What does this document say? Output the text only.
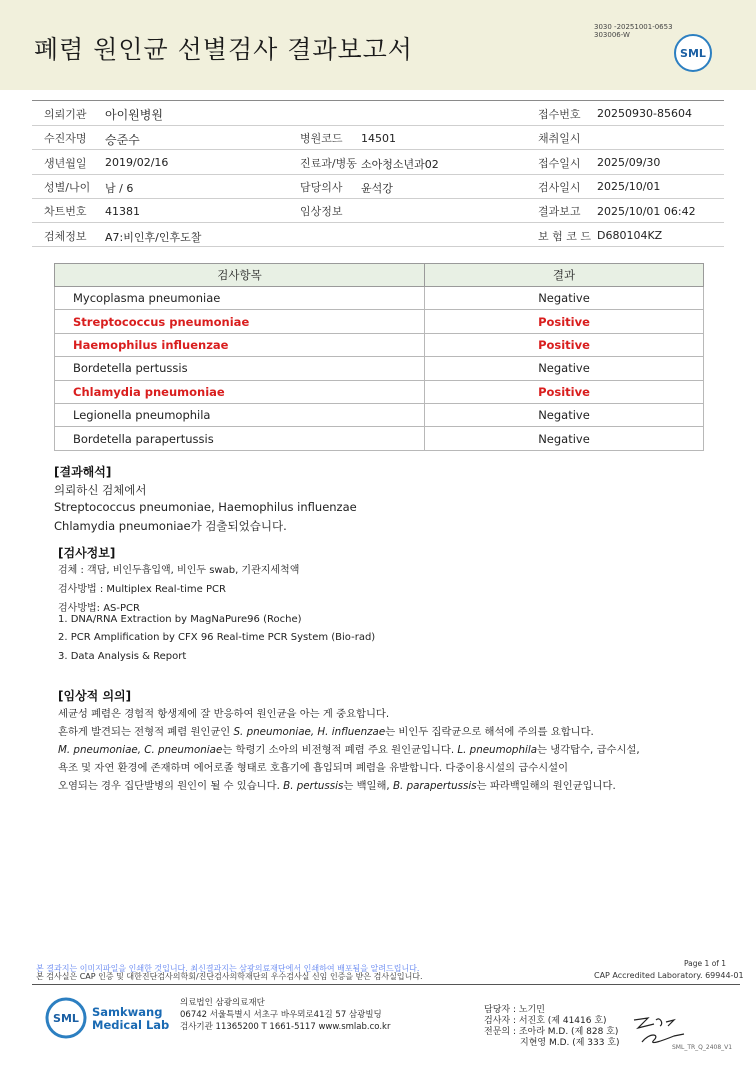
폐렴 원인균 선별검사 결과보고서
3030 -20251001-0653
303006-W
SML
의뢰기관 아이원병원	접수번호 20250930-85604
수진자명 승준수	병원코드 14501	채취일시
생년월일 2019/02/16	진료과/병동 소아청소년과02	접수일시 2025/09/30
성별/나이 남 / 6	담당의사 윤석강	검사일시 2025/10/01
차트번호 41381	임상정보	결과보고 2025/10/01 06:42
검체정보 A7:비인후/인후도찰	보 험 코 드 D680104KZ
검사항목	결과
Mycoplasma pneumoniae	Negative
Streptococcus pneumoniae	Positive
Haemophilus influenzae	Positive
Bordetella pertussis	Negative
Chlamydia pneumoniae	Positive
Legionella pneumophila	Negative
Bordetella parapertussis	Negative
[결과해석]
의뢰하신 검체에서
Streptococcus pneumoniae, Haemophilus influenzae
Chlamydia pneumoniae가 검출되었습니다.
[검사정보]
검체 : 객담, 비인두흡입액, 비인두 swab, 기관지세척액
검사방법 : Multiplex Real-time PCR
검사방법: AS-PCR
1. DNA/RNA Extraction by MagNaPure96 (Roche)
2. PCR Amplification by CFX 96 Real-time PCR System (Bio-rad)
3. Data Analysis & Report
[임상적 의의]
세균성 폐렴은 경험적 항생제에 잘 반응하여 원인균을 아는 게 중요합니다.
흔하게 발견되는 전형적 폐렴 원인균인 S. pneumoniae, H. influenzae는 비인두 집락균으로 해석에 주의를 요합니다.
M. pneumoniae, C. pneumoniae는 학령기 소아의 비전형적 폐렴 주요 원인균입니다. L. pneumophila는 냉각탑수, 급수시설,
욕조 및 자연 환경에 존재하며 에어로졸 형태로 호흡기에 흡입되며 폐렴을 유발합니다. 다중이용시설의 급수시설이
오염되는 경우 집단발병의 원인이 될 수 있습니다. B. pertussis는 백일해, B. parapertussis는 파라백일해의 원인균입니다.
Page 1 of 1
본 결과지는 이미지파일을 인쇄한 것입니다. 최신결과지는 삼광의료재단에서 인쇄하여 배포됨을 알려드립니다.
본 검사실은 CAP 인증 및 대한진단검사의학회/진단검사의학재단의 우수검사실 신임 인증을 받은 검사실입니다.	CAP Accredited Laboratory. 69944-01
SML Samkwang
Medical Lab
의료법인 삼광의료재단
06742 서울특별시 서초구 바우뫼로41길 57 삼광빌딩
검사기관 11365200 T 1661-5117 www.smlab.co.kr
담당자 : 노기민
검사자 : 서진호 (제 41416 호)
전문의 : 조아라 M.D. (제 828 호)
지현영 M.D. (제 333 호)	SML_TR_Q_2408_V1
